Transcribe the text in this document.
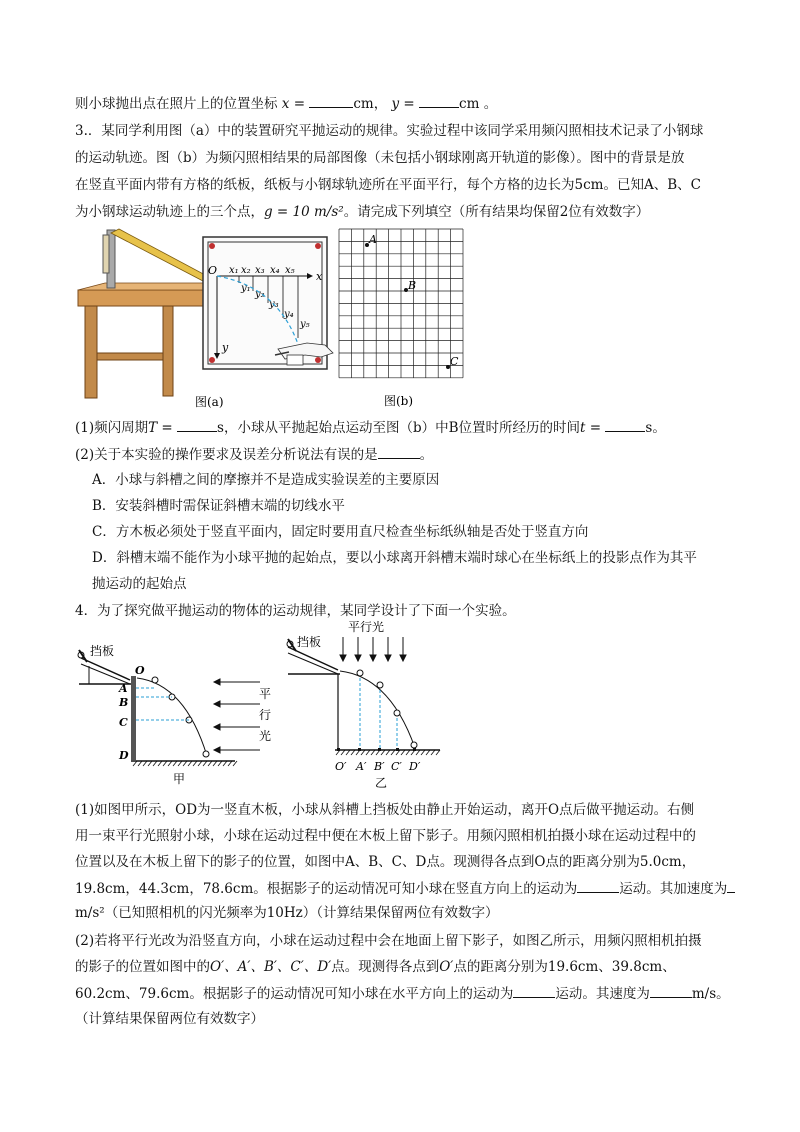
则小球抛出点在照片上的位置坐标 x =	cm， y =	cm 。
3.．某同学利用图（a）中的装置研究平抛运动的规律。实验过程中该同学采用频闪照相技术记录了小钢球
的运动轨迹。图（b）为频闪照相结果的局部图像（未包括小钢球刚离开轨道的影像）。图中的背景是放
在竖直平面内带有方格的纸板，纸板与小钢球轨迹所在平面平行，每个方格的边长为5cm。已知A、B、C
为小钢球运动轨迹上的三个点，g = 10 m/s²。请完成下列填空（所有结果均保留2位有效数字）
O	x
y
x₁ x₂ x₃ x₄ x₅
y₁
y₂
y₃
y₄
y₅
图(a)
A
B
C
图(b)
(1)频闪周期T =	s，小球从平抛起始点运动至图（b）中B位置时所经历的时间t =	s。
(2)关于本实验的操作要求及误差分析说法有误的是	。
A．小球与斜槽之间的摩擦并不是造成实验误差的主要原因
B．安装斜槽时需保证斜槽末端的切线水平
C．方木板必须处于竖直平面内，固定时要用直尺检查坐标纸纵轴是否处于竖直方向
D．斜槽末端不能作为小球平抛的起始点，要以小球离开斜槽末端时球心在坐标纸上的投影点作为其平
抛运动的起始点
4．为了探究做平抛运动的物体的运动规律，某同学设计了下面一个实验。
挡板
O
A
B
C
D
平
行
光
甲
平行光
挡板
O′ A′ B′ C′ D′
乙
(1)如图甲所示，OD为一竖直木板，小球从斜槽上挡板处由静止开始运动，离开O点后做平抛运动。右侧
用一束平行光照射小球，小球在运动过程中便在木板上留下影子。用频闪照相机拍摄小球在运动过程中的
位置以及在木板上留下的影子的位置，如图中A、B、C、D点。现测得各点到O点的距离分别为5.0cm，
19.8cm，44.3cm，78.6cm。根据影子的运动情况可知小球在竖直方向上的运动为	运动。其加速度为
m/s²（已知照相机的闪光频率为10Hz）（计算结果保留两位有效数字）
(2)若将平行光改为沿竖直方向，小球在运动过程中会在地面上留下影子，如图乙所示，用频闪照相机拍摄
的影子的位置如图中的O′、A′、B′、C′、D′点。现测得各点到O′点的距离分别为19.6cm、39.8cm、
60.2cm、79.6cm。根据影子的运动情况可知小球在水平方向上的运动为	运动。其速度为	m/s。
（计算结果保留两位有效数字）
